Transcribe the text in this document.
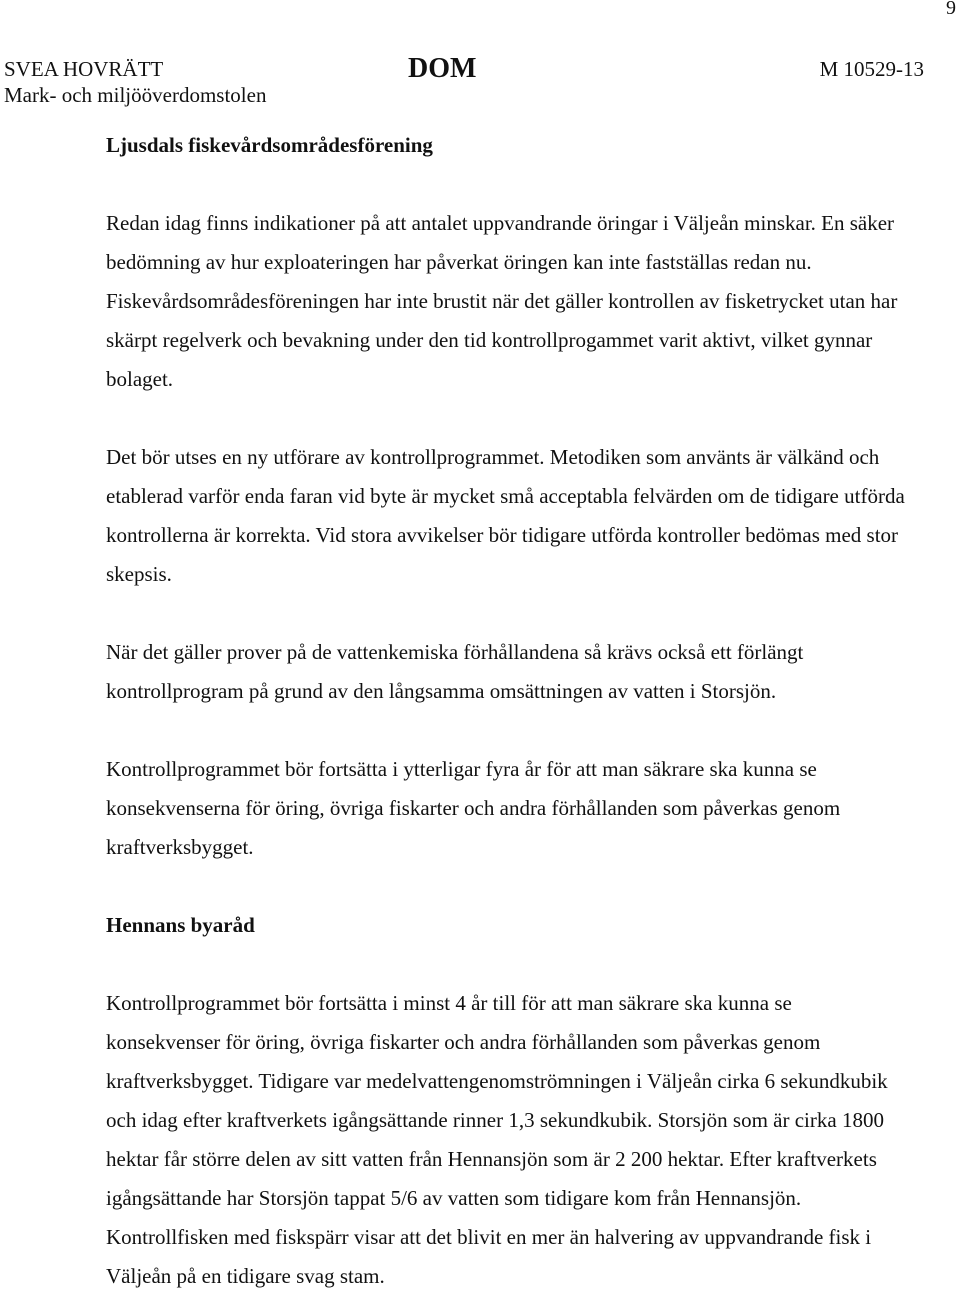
9
SVEA HOVRÄTT
Mark- och miljööverdomstolen
DOM	M 10529-13
Ljusdals fiskevårdsområdesförening

Redan idag finns indikationer på att antalet uppvandrande öringar i Väljeån minskar. En säker bedömning av hur exploateringen har påverkat öringen kan inte fastställas redan nu. Fiskevårdsområdesföreningen har inte brustit när det gäller kontrollen av fisketrycket utan har skärpt regelverk och bevakning under den tid kontrollprogammet varit aktivt, vilket gynnar bolaget.

Det bör utses en ny utförare av kontrollprogrammet. Metodiken som använts är välkänd och etablerad varför enda faran vid byte är mycket små acceptabla felvärden om de tidigare utförda kontrollerna är korrekta. Vid stora avvikelser bör tidigare utförda kontroller bedömas med stor skepsis.

När det gäller prover på de vattenkemiska förhållandena så krävs också ett förlängt kontrollprogram på grund av den långsamma omsättningen av vatten i Storsjön.

Kontrollprogrammet bör fortsätta i ytterligar fyra år för att man säkrare ska kunna se konsekvenserna för öring, övriga fiskarter och andra förhållanden som påverkas genom kraftverksbygget.

Hennans byaråd

Kontrollprogrammet bör fortsätta i minst 4 år till för att man säkrare ska kunna se konsekvenser för öring, övriga fiskarter och andra förhållanden som påverkas genom kraftverksbygget. Tidigare var medelvattengenomströmningen i Väljeån cirka 6 sekundkubik och idag efter kraftverkets igångsättande rinner 1,3 sekundkubik. Storsjön som är cirka 1800 hektar får större delen av sitt vatten från Hennansjön som är 2 200 hektar. Efter kraftverkets igångsättande har Storsjön tappat 5/6 av vatten som tidigare kom från Hennansjön. Kontrollfisken med fiskspärr visar att det blivit en mer än halvering av uppvandrande fisk i Väljeån på en tidigare svag stam.
